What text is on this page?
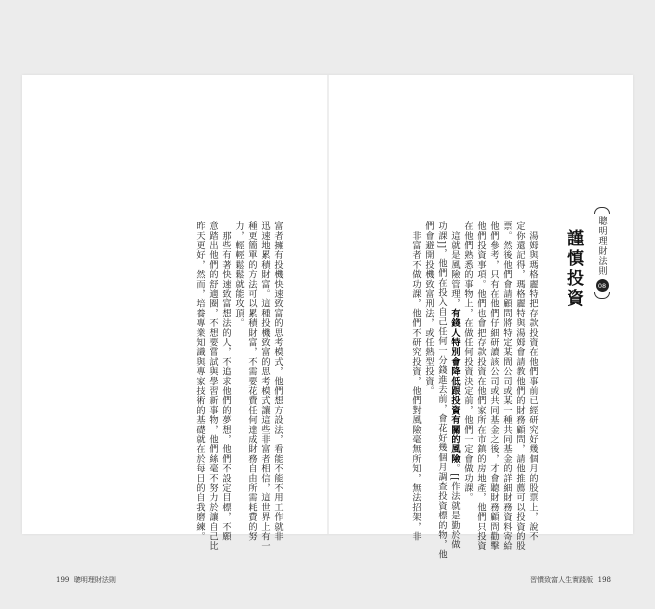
聰明理財法則
08
謹慎投資
　湯姆與瑪格麗特把存款投資在他們事前已經研究好幾個月的股票上，說不
定你還記得，瑪格麗特與湯姆會請教他們的財務顧問，請他推薦可以投資的股
票。然後他們會請顧問將特定某間公司或某一種共同基金的詳細財務資料寄給
他們參考，只有在他們仔細研讀該公司或共同基金之後，才會聽財務顧問勸擊
他們投資事項。他們也會把存款投資在他們家所在市鎮的房地產，他們只投資
在他們熟悉的事物上，在做任何投資決定前，他們一定會做功課。
　這就是風險管理，有錢人特別會降低跟投資有關的風險。[[作法就是勤於做
功課]]，他們在投入自己任何一分錢進去前，會花好幾個月調查投資標的物，他
們會避開投機致富刑法，或任熱型投資。
　非富者不做功課，他們不研究投資，他們對風險毫無所知，無法招架，非
富者擁有投機快速致富的思考模式，他們想方設法，看能不能不用工作就非
迅速地累積財富。這種投機致富的思考模式讓這些非富者相信，這世界上有一
種更簡單的方法可以累積財富，不需要花費任何達成財務自由所需耗費的努
力，輕輕鬆鬆就能攻頂。
　那些有著快速致富想法的人，不追求他們的夢想，他們不設定目標，不願
意踏出他們的舒適圈，不想要嘗試與學習新事物，他們絲毫不努力於讓自己比
昨天更好，然而，培養專業知識與專家技術的基礎就在於每日的自我磨練。
199 聰明理財法則	習慣致富人生實踐版 198
